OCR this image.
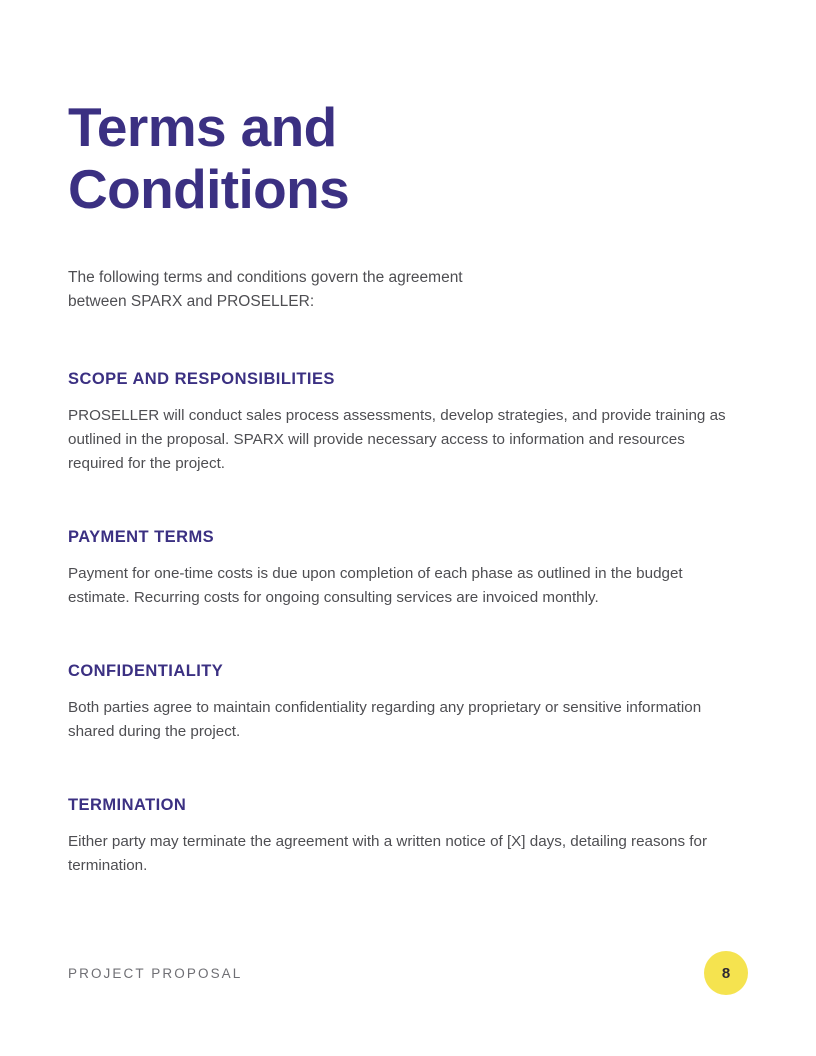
Terms and Conditions

The following terms and conditions govern the agreement between SPARX and PROSELLER:

SCOPE AND RESPONSIBILITIES

PROSELLER will conduct sales process assessments, develop strategies, and provide training as outlined in the proposal. SPARX will provide necessary access to information and resources required for the project.

PAYMENT TERMS

Payment for one-time costs is due upon completion of each phase as outlined in the budget estimate. Recurring costs for ongoing consulting services are invoiced monthly.

CONFIDENTIALITY

Both parties agree to maintain confidentiality regarding any proprietary or sensitive information shared during the project.

TERMINATION

Either party may terminate the agreement with a written notice of [X] days, detailing reasons for termination.

PROJECT PROPOSAL	8
